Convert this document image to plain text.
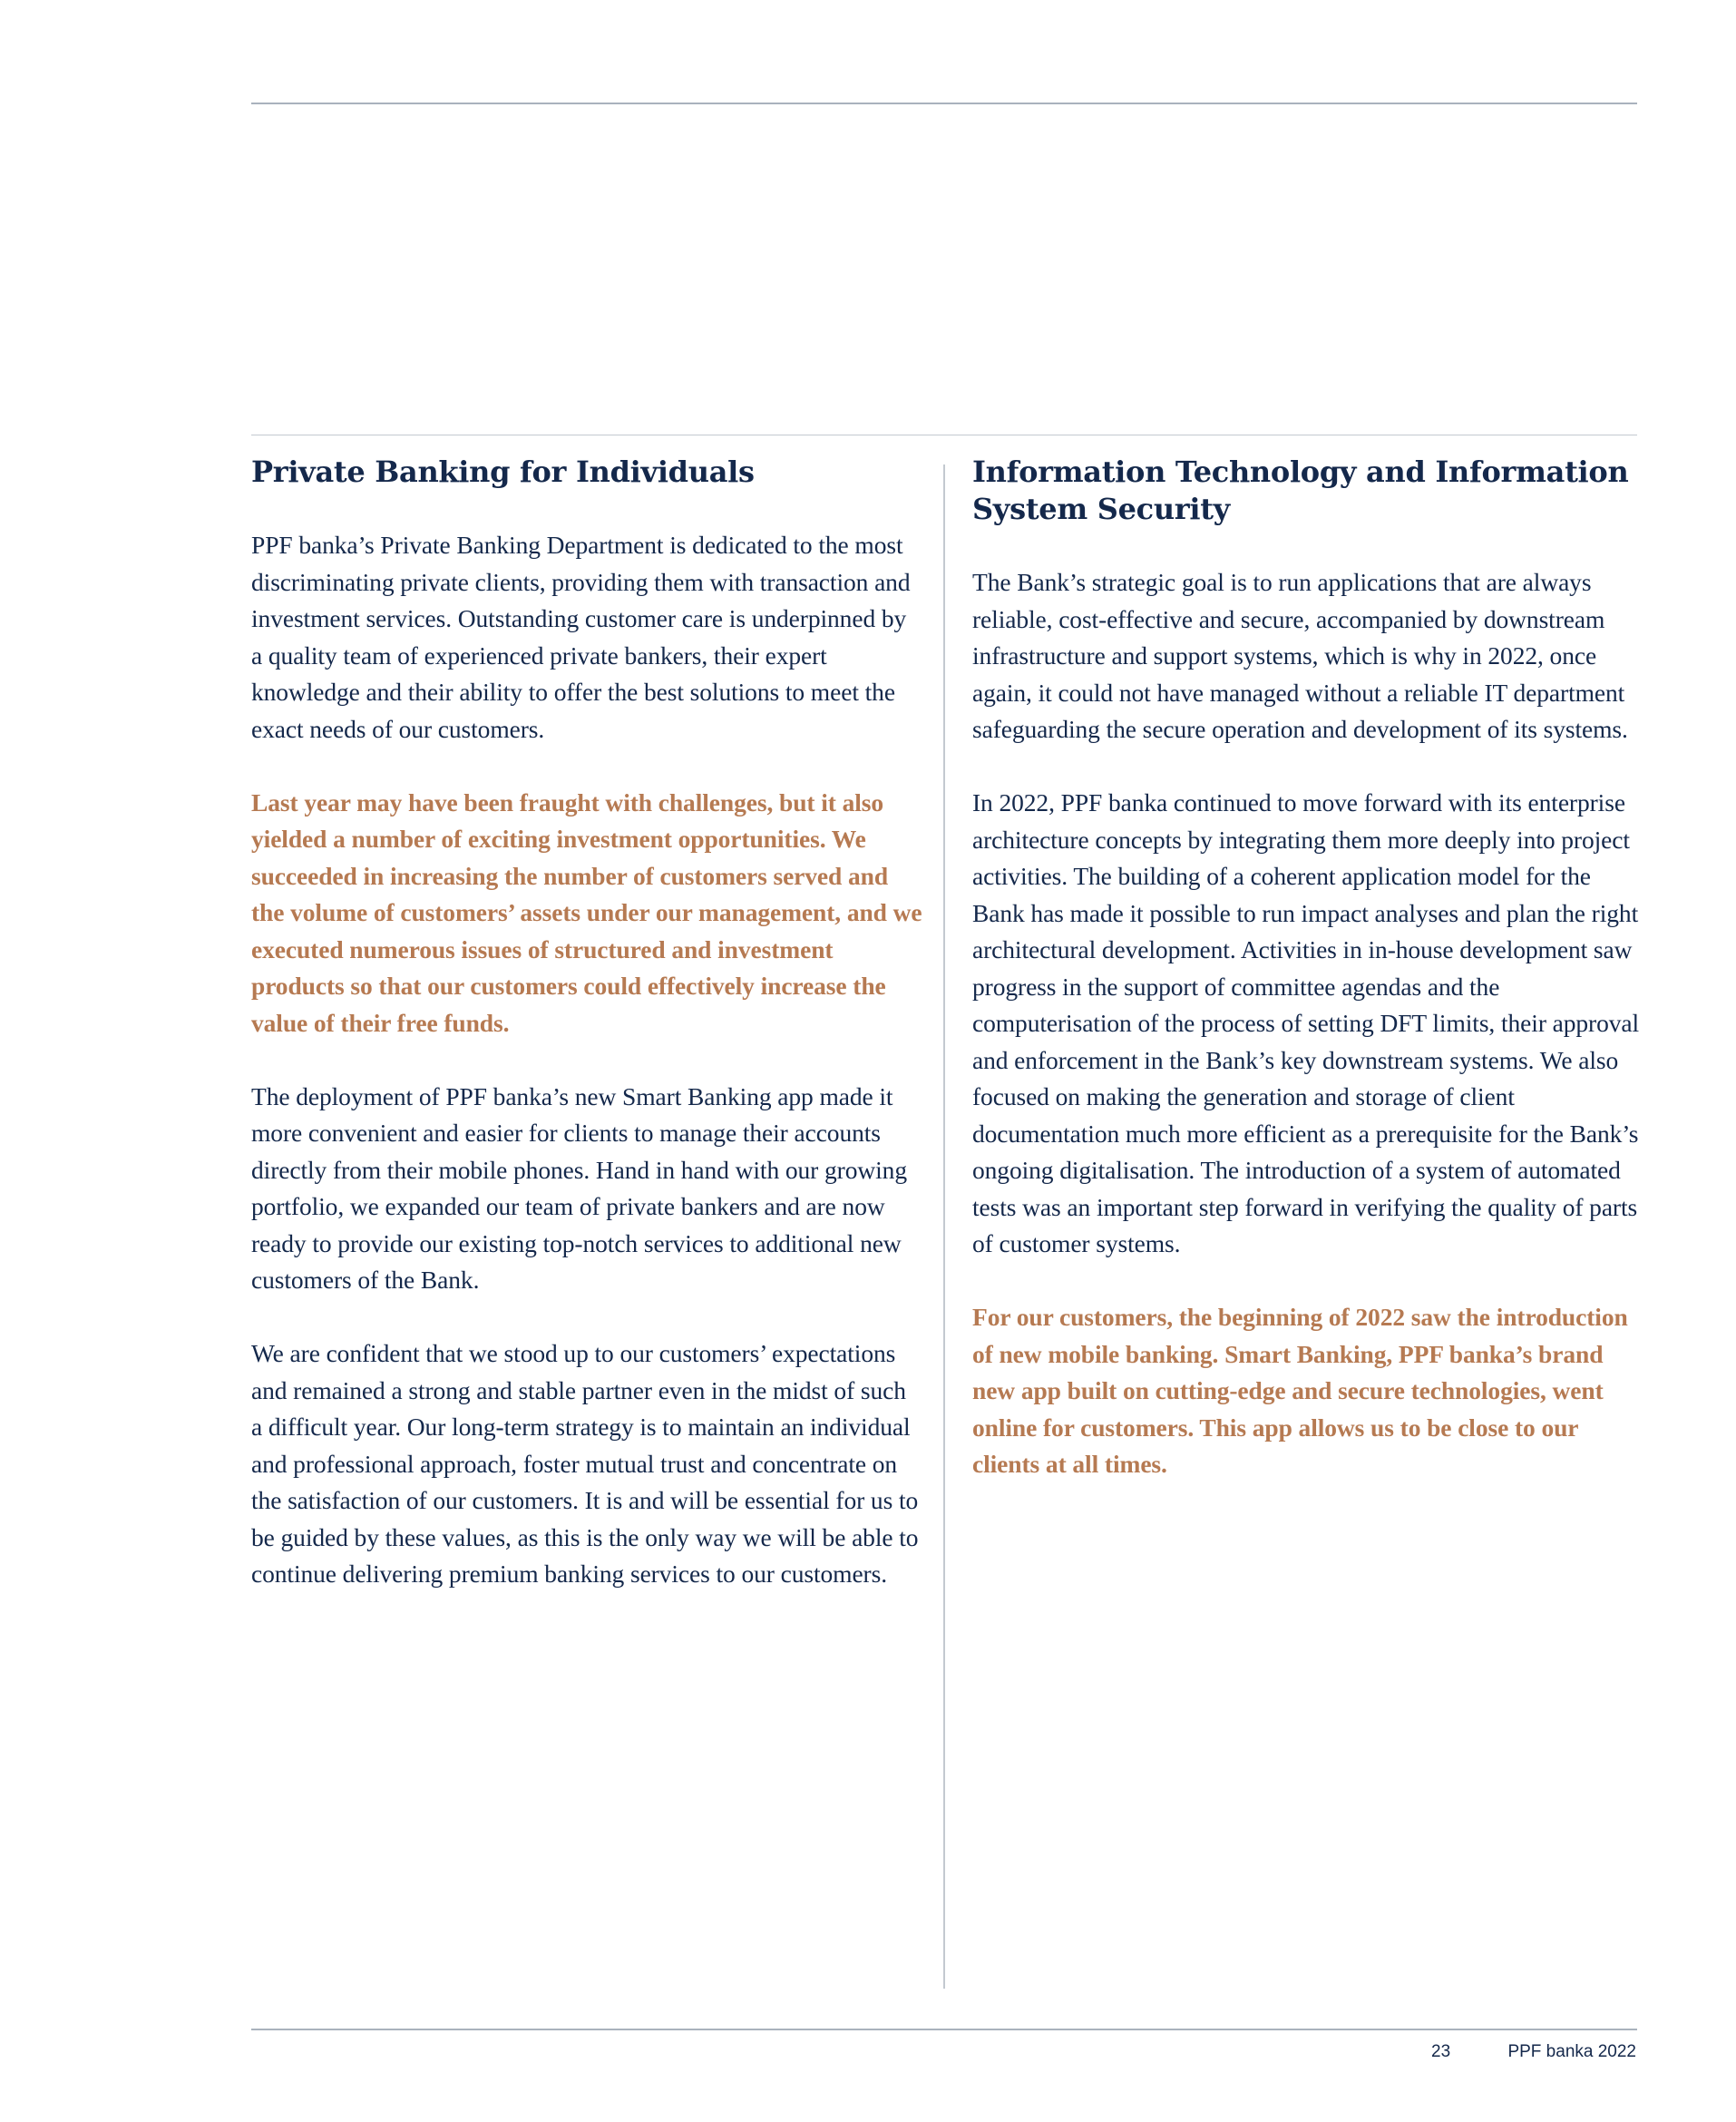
Private Banking for Individuals

PPF banka’s Private Banking Department is dedicated to the most discriminating private clients, providing them with transaction and investment services. Outstanding customer care is underpinned by a quality team of experienced private bankers, their expert knowledge and their ability to offer the best solutions to meet the exact needs of our customers.

Last year may have been fraught with challenges, but it also yielded a number of exciting investment opportunities. We succeeded in increasing the number of customers served and the volume of customers’ assets under our management, and we executed numerous issues of structured and investment products so that our customers could effectively increase the value of their free funds.

The deployment of PPF banka’s new Smart Banking app made it more convenient and easier for clients to manage their accounts directly from their mobile phones. Hand in hand with our growing portfolio, we expanded our team of private bankers and are now ready to provide our existing top-notch services to additional new customers of the Bank.

We are confident that we stood up to our customers’ expectations and remained a strong and stable partner even in the midst of such a difficult year. Our long-term strategy is to maintain an individual and professional approach, foster mutual trust and concentrate on the satisfaction of our customers. It is and will be essential for us to be guided by these values, as this is the only way we will be able to continue delivering premium banking services to our customers.

Information Technology and Information System Security

The Bank’s strategic goal is to run applications that are always reliable, cost-effective and secure, accompanied by downstream infrastructure and support systems, which is why in 2022, once again, it could not have managed without a reliable IT department safeguarding the secure operation and development of its systems.

In 2022, PPF banka continued to move forward with its enterprise architecture concepts by integrating them more deeply into project activities. The building of a coherent application model for the Bank has made it possible to run impact analyses and plan the right architectural development. Activities in in-house development saw progress in the support of committee agendas and the computerisation of the process of setting DFT limits, their approval and enforcement in the Bank’s key downstream systems. We also focused on making the generation and storage of client documentation much more efficient as a prerequisite for the Bank’s ongoing digitalisation. The introduction of a system of automated tests was an important step forward in verifying the quality of parts of customer systems.

For our customers, the beginning of 2022 saw the introduction of new mobile banking. Smart Banking, PPF banka’s brand new app built on cutting-edge and secure technologies, went online for customers. This app allows us to be close to our clients at all times.

23	PPF banka 2022
